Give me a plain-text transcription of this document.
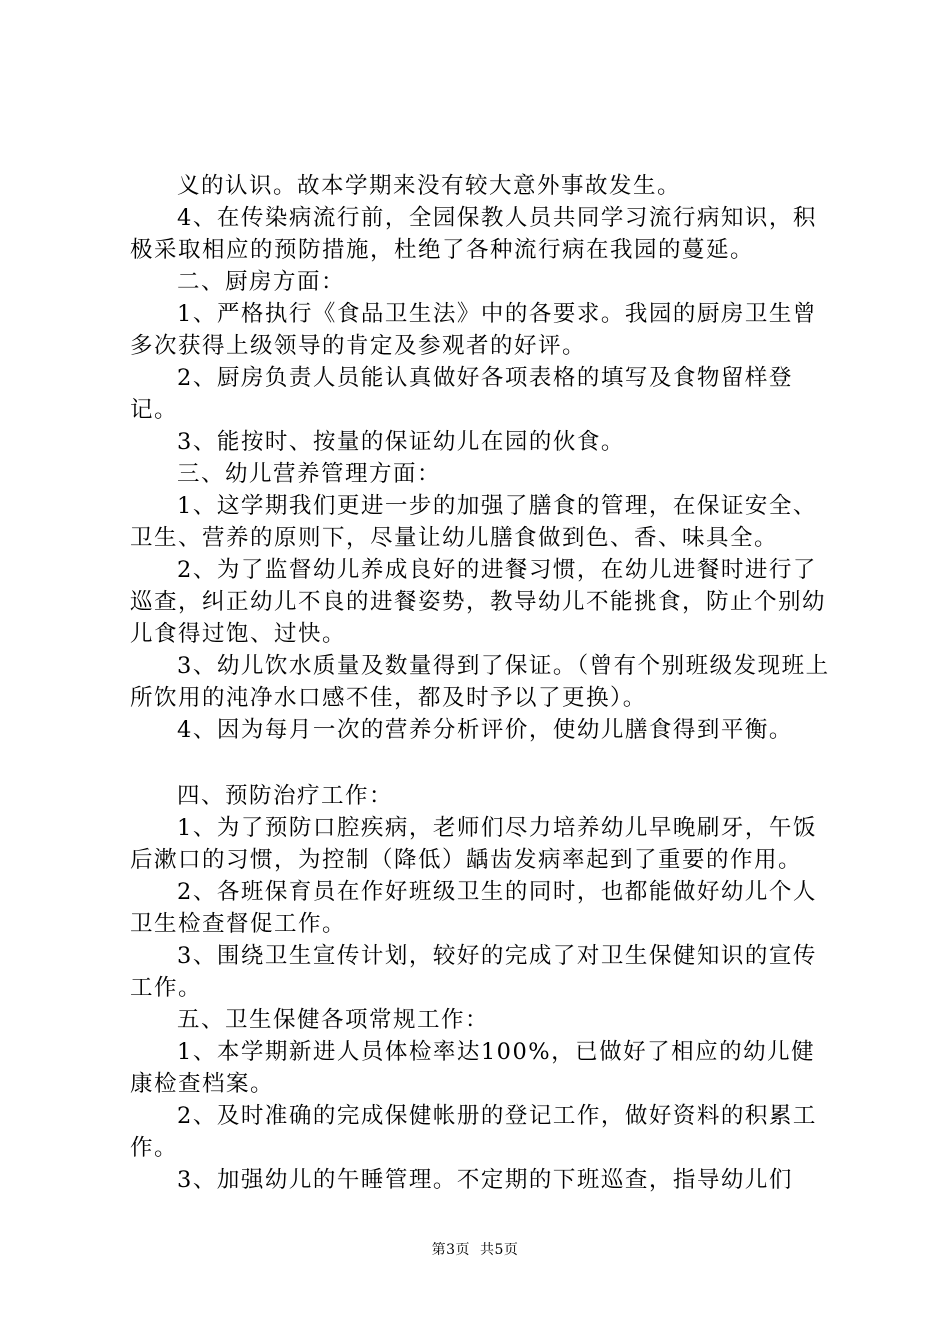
义的认识。故本学期来没有较大意外事故发生。

4、在传染病流行前，全园保教人员共同学习流行病知识，积极采取相应的预防措施，杜绝了各种流行病在我园的蔓延。

二、厨房方面：

1、严格执行《食品卫生法》中的各要求。我园的厨房卫生曾多次获得上级领导的肯定及参观者的好评。

2、厨房负责人员能认真做好各项表格的填写及食物留样登记。

3、能按时、按量的保证幼儿在园的伙食。

三、幼儿营养管理方面：

1、这学期我们更进一步的加强了膳食的管理，在保证安全、卫生、营养的原则下，尽量让幼儿膳食做到色、香、味具全。

2、为了监督幼儿养成良好的进餐习惯，在幼儿进餐时进行了巡查，纠正幼儿不良的进餐姿势，教导幼儿不能挑食，防止个别幼儿食得过饱、过快。

3、幼儿饮水质量及数量得到了保证。（曾有个别班级发现班上所饮用的沌净水口感不佳，都及时予以了更换）。

4、因为每月一次的营养分析评价，使幼儿膳食得到平衡。

四、预防治疗工作：

1、为了预防口腔疾病，老师们尽力培养幼儿早晚刷牙，午饭后漱口的习惯，为控制（降低）龋齿发病率起到了重要的作用。

2、各班保育员在作好班级卫生的同时，也都能做好幼儿个人卫生检查督促工作。

3、围绕卫生宣传计划，较好的完成了对卫生保健知识的宣传工作。

五、卫生保健各项常规工作：

1、本学期新进人员体检率达100%，已做好了相应的幼儿健康检查档案。

2、及时准确的完成保健帐册的登记工作，做好资料的积累工作。

3、加强幼儿的午睡管理。不定期的下班巡查，指导幼儿们

第3页 共5页
